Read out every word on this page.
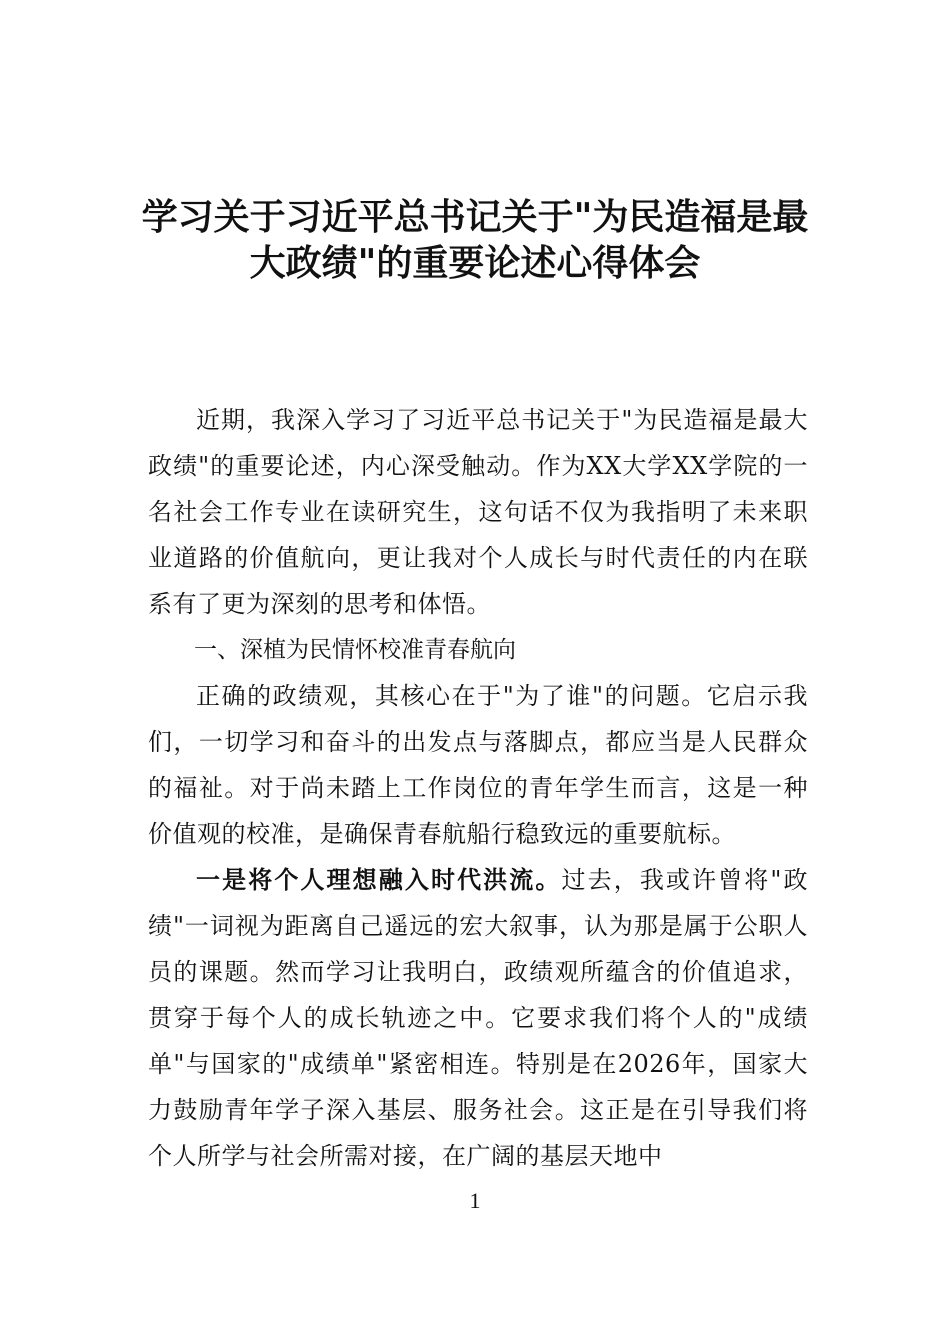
学习关于习近平总书记关于"为民造福是最
大政绩"的重要论述心得体会

近期，我深入学习了习近平总书记关于"为民造福是最大政绩"的重要论述，内心深受触动。作为XX大学XX学院的一名社会工作专业在读研究生，这句话不仅为我指明了未来职业道路的价值航向，更让我对个人成长与时代责任的内在联系有了更为深刻的思考和体悟。

一、深植为民情怀校准青春航向

正确的政绩观，其核心在于"为了谁"的问题。它启示我们，一切学习和奋斗的出发点与落脚点，都应当是人民群众的福祉。对于尚未踏上工作岗位的青年学生而言，这是一种价值观的校准，是确保青春航船行稳致远的重要航标。

一是将个人理想融入时代洪流。过去，我或许曾将"政绩"一词视为距离自己遥远的宏大叙事，认为那是属于公职人员的课题。然而学习让我明白，政绩观所蕴含的价值追求，贯穿于每个人的成长轨迹之中。它要求我们将个人的"成绩单"与国家的"成绩单"紧密相连。特别是在2026年，国家大力鼓励青年学子深入基层、服务社会。这正是在引导我们将个人所学与社会所需对接，在广阔的基层天地中

1
